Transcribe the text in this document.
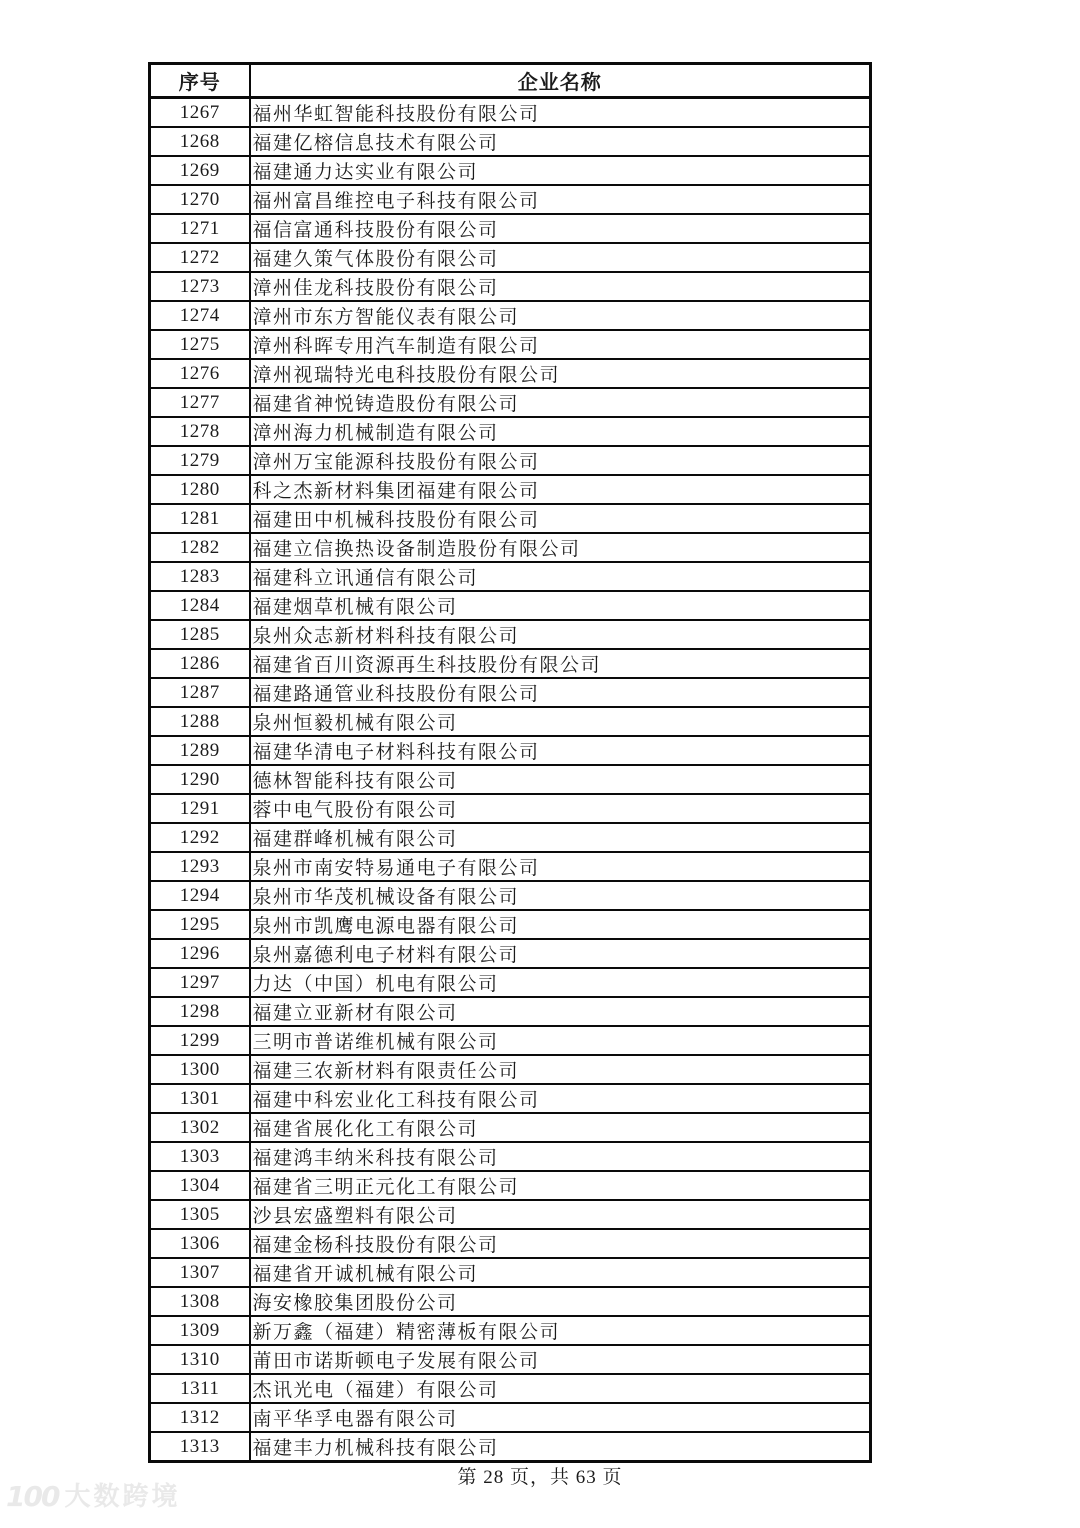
序号	企业名称
1267	福州华虹智能科技股份有限公司
1268	福建亿榕信息技术有限公司
1269	福建通力达实业有限公司
1270	福州富昌维控电子科技有限公司
1271	福信富通科技股份有限公司
1272	福建久策气体股份有限公司
1273	漳州佳龙科技股份有限公司
1274	漳州市东方智能仪表有限公司
1275	漳州科晖专用汽车制造有限公司
1276	漳州视瑞特光电科技股份有限公司
1277	福建省神悦铸造股份有限公司
1278	漳州海力机械制造有限公司
1279	漳州万宝能源科技股份有限公司
1280	科之杰新材料集团福建有限公司
1281	福建田中机械科技股份有限公司
1282	福建立信换热设备制造股份有限公司
1283	福建科立讯通信有限公司
1284	福建烟草机械有限公司
1285	泉州众志新材料科技有限公司
1286	福建省百川资源再生科技股份有限公司
1287	福建路通管业科技股份有限公司
1288	泉州恒毅机械有限公司
1289	福建华清电子材料科技有限公司
1290	德林智能科技有限公司
1291	蓉中电气股份有限公司
1292	福建群峰机械有限公司
1293	泉州市南安特易通电子有限公司
1294	泉州市华茂机械设备有限公司
1295	泉州市凯鹰电源电器有限公司
1296	泉州嘉德利电子材料有限公司
1297	力达（中国）机电有限公司
1298	福建立亚新材有限公司
1299	三明市普诺维机械有限公司
1300	福建三农新材料有限责任公司
1301	福建中科宏业化工科技有限公司
1302	福建省展化化工有限公司
1303	福建鸿丰纳米科技有限公司
1304	福建省三明正元化工有限公司
1305	沙县宏盛塑料有限公司
1306	福建金杨科技股份有限公司
1307	福建省开诚机械有限公司
1308	海安橡胶集团股份公司
1309	新万鑫（福建）精密薄板有限公司
1310	莆田市诺斯顿电子发展有限公司
1311	杰讯光电（福建）有限公司
1312	南平华孚电器有限公司
1313	福建丰力机械科技有限公司
第 28 页，共 63 页
100 大数跨境
